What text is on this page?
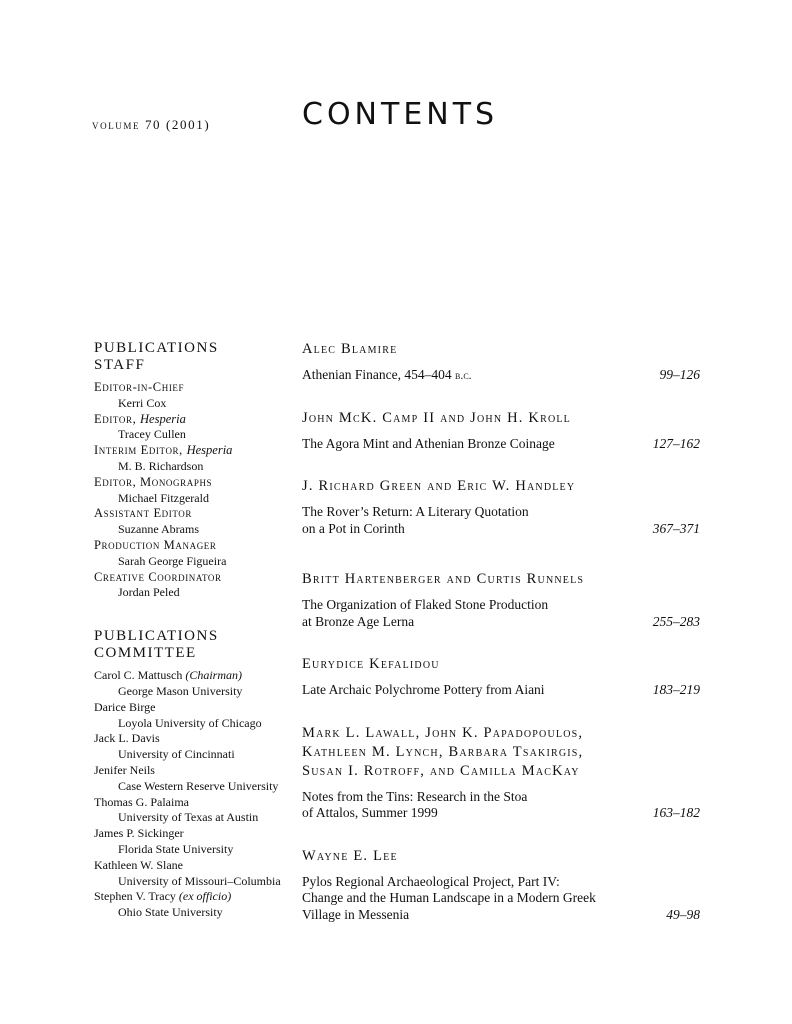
volume 70 (2001)	CONTENTS
PUBLICATIONS
STAFF
Editor-in-Chief
Kerri Cox
Editor, Hesperia
Tracey Cullen
Interim Editor, Hesperia
M. B. Richardson
Editor, Monographs
Michael Fitzgerald
Assistant Editor
Suzanne Abrams
Production Manager
Sarah George Figueira
Creative Coordinator
Jordan Peled
PUBLICATIONS
COMMITTEE
Carol C. Mattusch (Chairman)
George Mason University
Darice Birge
Loyola University of Chicago
Jack L. Davis
University of Cincinnati
Jenifer Neils
Case Western Reserve University
Thomas G. Palaima
University of Texas at Austin
James P. Sickinger
Florida State University
Kathleen W. Slane
University of Missouri–Columbia
Stephen V. Tracy (ex officio)
Ohio State University
Alec Blamire
Athenian Finance, 454–404 b.c.	99–126
John McK. Camp II and John H. Kroll
The Agora Mint and Athenian Bronze Coinage	127–162
J. Richard Green and Eric W. Handley
The Rover’s Return: A Literary Quotation
on a Pot in Corinth	367–371
Britt Hartenberger and Curtis Runnels
The Organization of Flaked Stone Production
at Bronze Age Lerna	255–283
Eurydice Kefalidou
Late Archaic Polychrome Pottery from Aiani	183–219
Mark L. Lawall, John K. Papadopoulos,
Kathleen M. Lynch, Barbara Tsakirgis,
Susan I. Rotroff, and Camilla MacKay
Notes from the Tins: Research in the Stoa
of Attalos, Summer 1999	163–182
Wayne E. Lee
Pylos Regional Archaeological Project, Part IV:
Change and the Human Landscape in a Modern Greek
Village in Messenia	49–98
